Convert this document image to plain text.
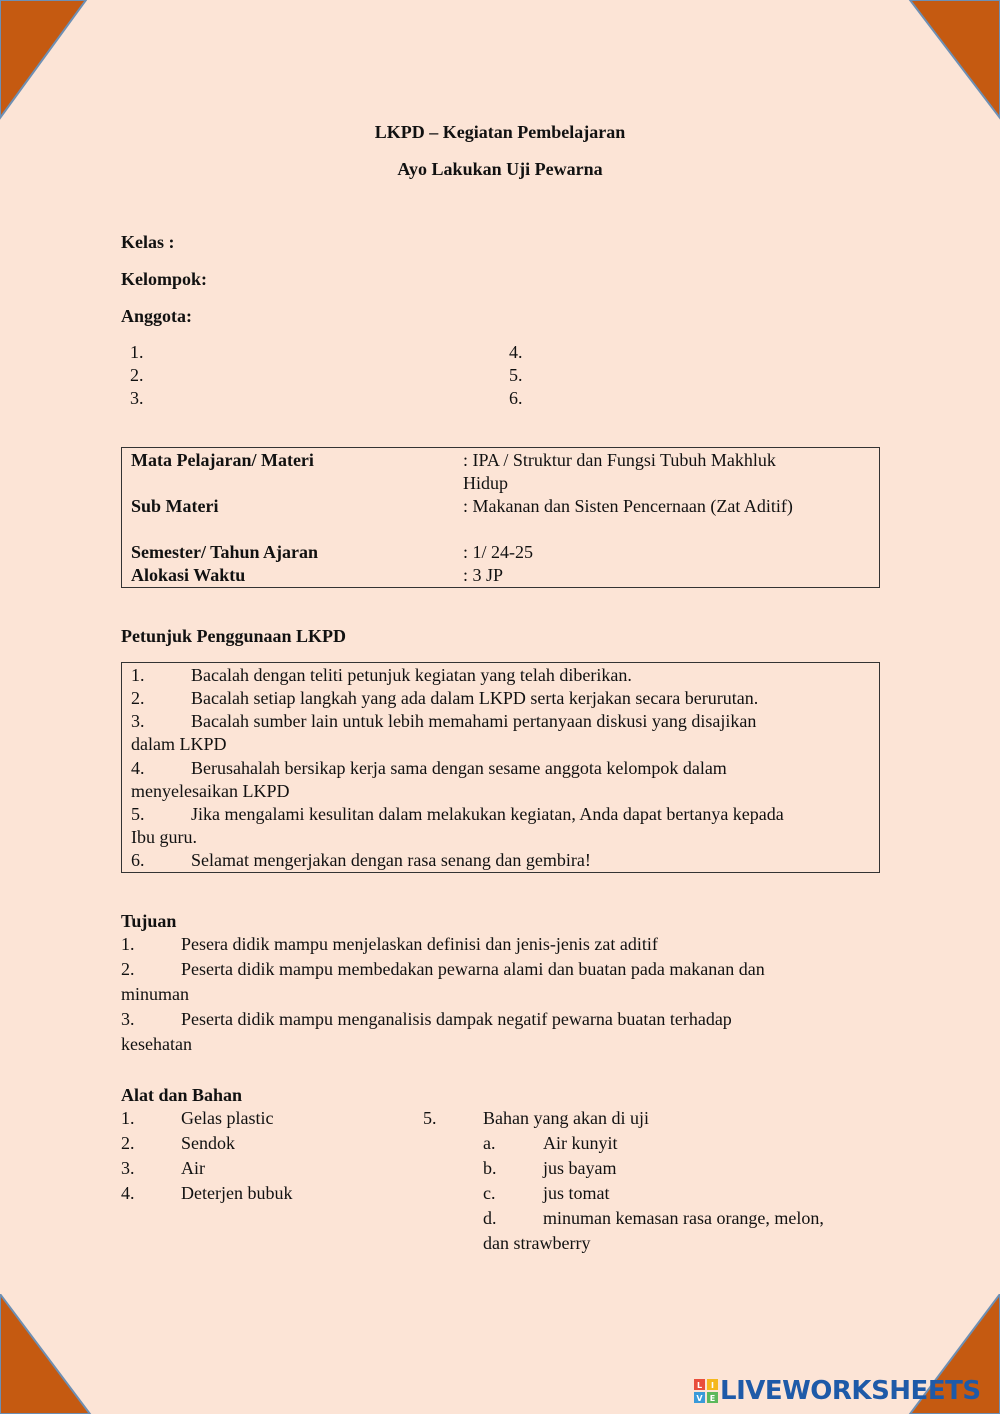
LKPD – Kegiatan Pembelajaran
Ayo Lakukan Uji Pewarna
Kelas :
Kelompok:
Anggota:
1.
2.
3.
4.
5.
6.
Mata Pelajaran/ Materi	: IPA / Struktur dan Fungsi Tubuh Makhluk
Hidup
Sub Materi	: Makanan dan Sisten Pencernaan (Zat Aditif)
Semester/ Tahun Ajaran	: 1/ 24-25
Alokasi Waktu	: 3 JP
Petunjuk Penggunaan LKPD
1.	Bacalah dengan teliti petunjuk kegiatan yang telah diberikan.
2.	Bacalah setiap langkah yang ada dalam LKPD serta kerjakan secara berurutan.
3.	Bacalah sumber lain untuk lebih memahami pertanyaan diskusi yang disajikan
dalam LKPD
4.	Berusahalah bersikap kerja sama dengan sesame anggota kelompok dalam
menyelesaikan LKPD
5.	Jika mengalami kesulitan dalam melakukan kegiatan, Anda dapat bertanya kepada
Ibu guru.
6.	Selamat mengerjakan dengan rasa senang dan gembira!
Tujuan
1.	Pesera didik mampu menjelaskan definisi dan jenis-jenis zat aditif
2.	Peserta didik mampu membedakan pewarna alami dan buatan pada makanan dan
minuman
3.	Peserta didik mampu menganalisis dampak negatif pewarna buatan terhadap
kesehatan
Alat dan Bahan
1.	Gelas plastic
2.	Sendok
3.	Air
4.	Deterjen bubuk
5.	Bahan yang akan di uji
a.	Air kunyit
b.	jus bayam
c.	jus tomat
d.	minuman kemasan rasa orange, melon,
dan strawberry
L I
V E LIVEWORKSHEETS
